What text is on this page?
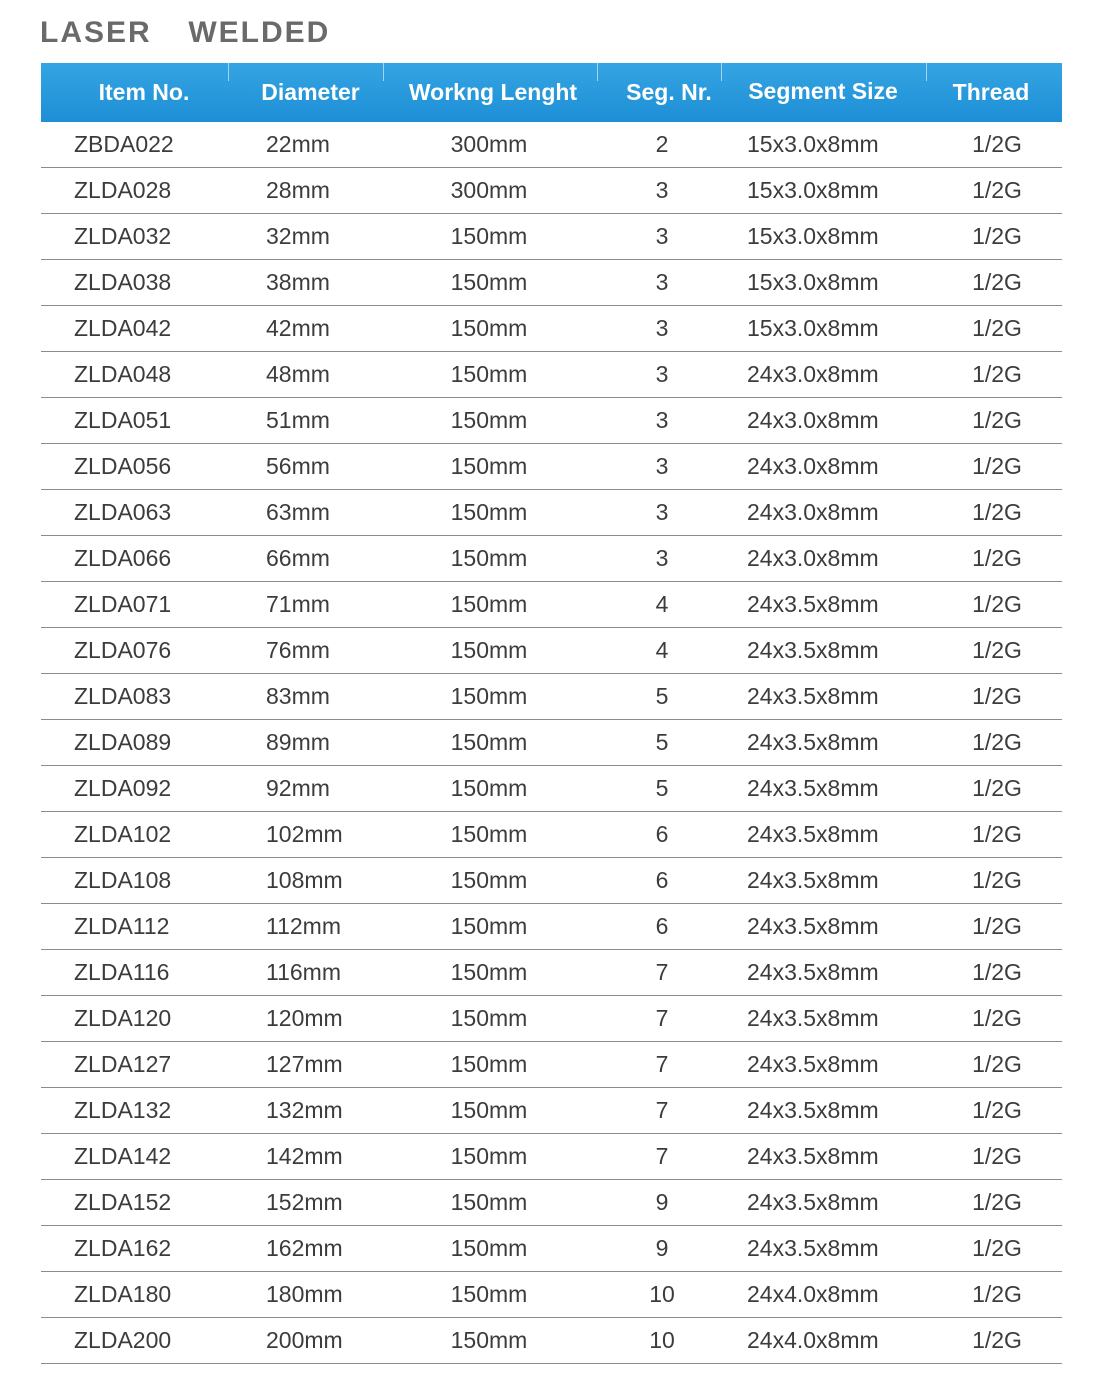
LASER  WELDED
Item No.	Diameter	Workng Lenght	Seg. Nr.	Segment Size	Thread
ZBDA022	22mm	300mm	2	15x3.0x8mm	1/2G
ZLDA028	28mm	300mm	3	15x3.0x8mm	1/2G
ZLDA032	32mm	150mm	3	15x3.0x8mm	1/2G
ZLDA038	38mm	150mm	3	15x3.0x8mm	1/2G
ZLDA042	42mm	150mm	3	15x3.0x8mm	1/2G
ZLDA048	48mm	150mm	3	24x3.0x8mm	1/2G
ZLDA051	51mm	150mm	3	24x3.0x8mm	1/2G
ZLDA056	56mm	150mm	3	24x3.0x8mm	1/2G
ZLDA063	63mm	150mm	3	24x3.0x8mm	1/2G
ZLDA066	66mm	150mm	3	24x3.0x8mm	1/2G
ZLDA071	71mm	150mm	4	24x3.5x8mm	1/2G
ZLDA076	76mm	150mm	4	24x3.5x8mm	1/2G
ZLDA083	83mm	150mm	5	24x3.5x8mm	1/2G
ZLDA089	89mm	150mm	5	24x3.5x8mm	1/2G
ZLDA092	92mm	150mm	5	24x3.5x8mm	1/2G
ZLDA102	102mm	150mm	6	24x3.5x8mm	1/2G
ZLDA108	108mm	150mm	6	24x3.5x8mm	1/2G
ZLDA112	112mm	150mm	6	24x3.5x8mm	1/2G
ZLDA116	116mm	150mm	7	24x3.5x8mm	1/2G
ZLDA120	120mm	150mm	7	24x3.5x8mm	1/2G
ZLDA127	127mm	150mm	7	24x3.5x8mm	1/2G
ZLDA132	132mm	150mm	7	24x3.5x8mm	1/2G
ZLDA142	142mm	150mm	7	24x3.5x8mm	1/2G
ZLDA152	152mm	150mm	9	24x3.5x8mm	1/2G
ZLDA162	162mm	150mm	9	24x3.5x8mm	1/2G
ZLDA180	180mm	150mm	10	24x4.0x8mm	1/2G
ZLDA200	200mm	150mm	10	24x4.0x8mm	1/2G
